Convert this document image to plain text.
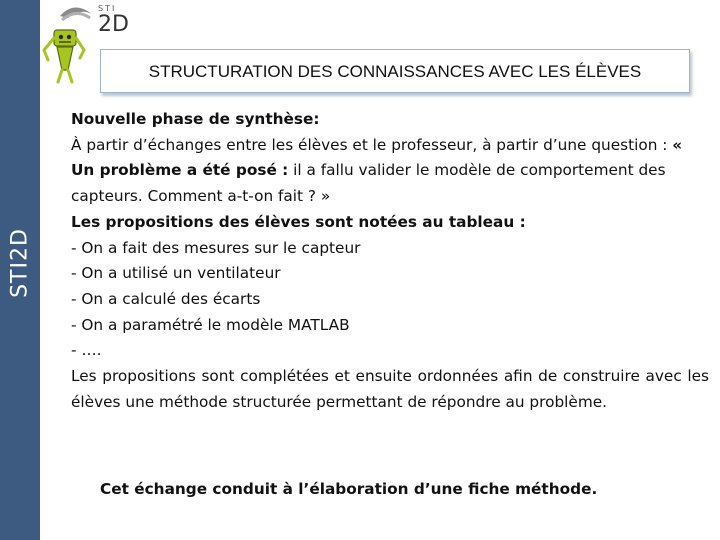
STI2D
STI
2D
STRUCTURATION DES CONNAISSANCES AVEC LES ÉLÈVES

Nouvelle phase de synthèse:

À partir d’échanges entre les élèves et le professeur, à partir d’une question : « Un problème a été posé : il a fallu valider le modèle de comportement des capteurs. Comment a-t-on fait ? »

Les propositions des élèves sont notées au tableau :

- On a fait des mesures sur le capteur

- On a utilisé un ventilateur

- On a calculé des écarts

- On a paramétré le modèle MATLAB

- ….

Les propositions sont complétées et ensuite ordonnées afin de construire avec les élèves une méthode structurée permettant de répondre au problème.

Cet échange conduit à l’élaboration d’une fiche méthode.
